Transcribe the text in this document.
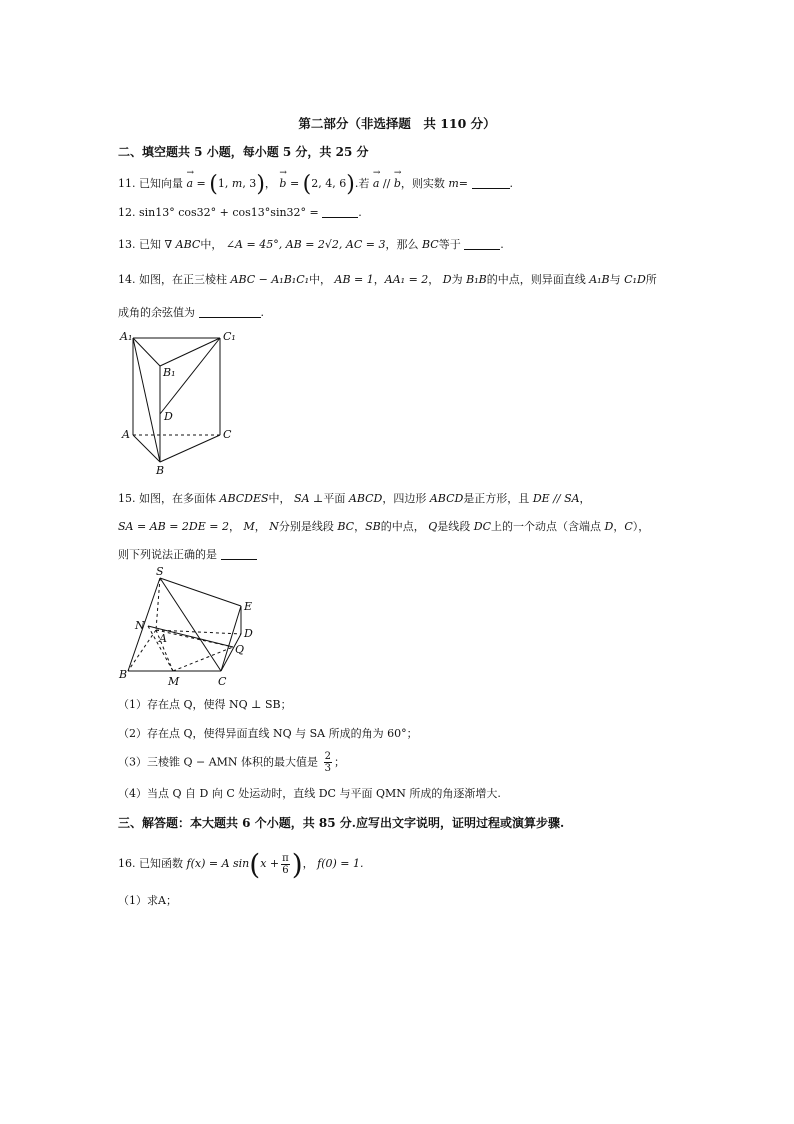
第二部分（非选择题　共 110 分）
二、填空题共 5 小题，每小题 5 分，共 25 分
11. 已知向量
→
a = (1, m, 3)，
→
b = (2, 4, 6).若
→
a //
→
b，则实数 m=	.
12. sin13° cos32° + cos13°sin32° =	.
13. 已知 ∇ ABC中， ∠A = 45°, AB = 2√2, AC = 3，那么 BC等于	.
14. 如图，在正三棱柱 ABC − A₁B₁C₁中， AB = 1，AA₁ = 2， D为 B₁B的中点，则异面直线 A₁B与 C₁D所
成角的余弦值为	.
A₁	C₁
B₁
D
A	C
B
15. 如图，在多面体 ABCDES中， SA ⊥平面 ABCD，四边形 ABCD是正方形，且 DE // SA，
SA = AB = 2DE = 2， M， N分别是线段 BC，SB的中点， Q是线段 DC上的一个动点（含端点 D，C），
则下列说法正确的是
S
E
N
A	D
Q
B
M	C
（1）存在点 Q，使得 NQ ⊥ SB；
（2）存在点 Q，使得异面直线 NQ 与 SA 所成的角为 60°；
（3）三棱锥 Q − AMN 体积的最大值是 $\frac{2}{3}$ ；
（4）当点 Q 自 D 向 C 处运动时，直线 DC 与平面 QMN 所成的角逐渐增大.
三、解答题：本大题共 6 个小题，共 85 分.应写出文字说明，证明过程或演算步骤.
16. 已知函数 f(x) = A $\sin(x + \frac{\pi}{6}$ )， f(0) = 1.
（1）求A；
